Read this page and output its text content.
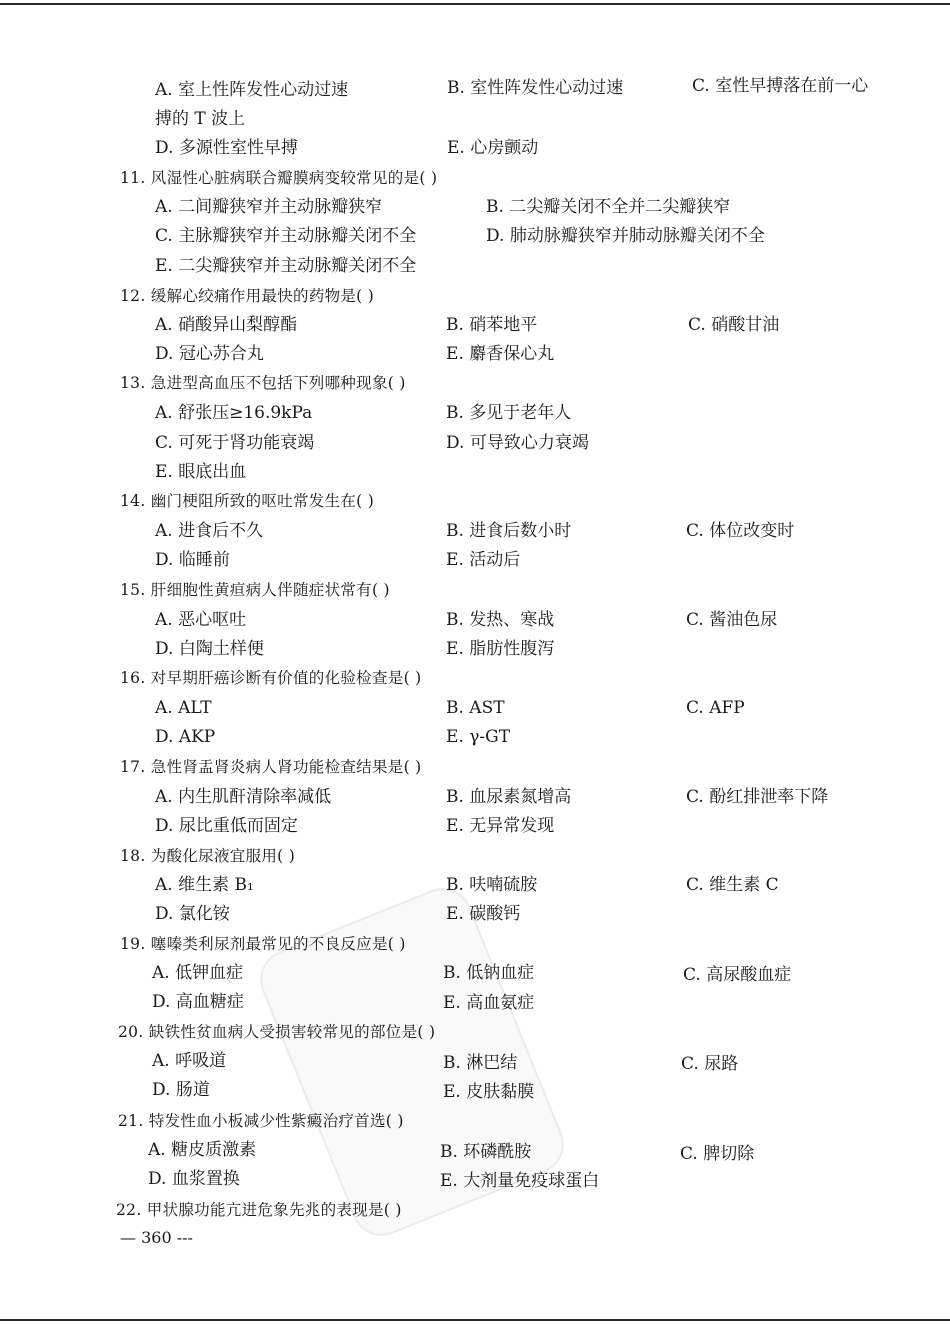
A. 室上性阵发性心动过速	B. 室性阵发性心动过速	C. 室性早搏落在前一心
搏的 T 波上
D. 多源性室性早搏	E. 心房颤动
11. 风湿性心脏病联合瓣膜病变较常见的是( )
A. 二间瓣狭窄并主动脉瓣狭窄	B. 二尖瓣关闭不全并二尖瓣狭窄
C. 主脉瓣狭窄并主动脉瓣关闭不全	D. 肺动脉瓣狭窄并肺动脉瓣关闭不全
E. 二尖瓣狭窄并主动脉瓣关闭不全
12. 缓解心绞痛作用最快的药物是( )
A. 硝酸异山梨醇酯	B. 硝苯地平	C. 硝酸甘油
D. 冠心苏合丸	E. 麝香保心丸
13. 急进型高血压不包括下列哪种现象( )
A. 舒张压≥16.9kPa	B. 多见于老年人
C. 可死于肾功能衰竭	D. 可导致心力衰竭
E. 眼底出血
14. 幽门梗阻所致的呕吐常发生在( )
A. 进食后不久	B. 进食后数小时	C. 体位改变时
D. 临睡前	E. 活动后
15. 肝细胞性黄疸病人伴随症状常有( )
A. 恶心呕吐	B. 发热、寒战	C. 酱油色尿
D. 白陶土样便	E. 脂肪性腹泻
16. 对早期肝癌诊断有价值的化验检查是( )
A. ALT	B. AST	C. AFP
D. AKP	E. γ-GT
17. 急性肾盂肾炎病人肾功能检查结果是( )
A. 内生肌酐清除率减低	B. 血尿素氮增高	C. 酚红排泄率下降
D. 尿比重低而固定	E. 无异常发现
18. 为酸化尿液宜服用( )
A. 维生素 B₁	B. 呋喃硫胺	C. 维生素 C
D. 氯化铵	E. 碳酸钙
19. 噻嗪类利尿剂最常见的不良反应是( )
A. 低钾血症	B. 低钠血症	C. 高尿酸血症
D. 高血糖症	E. 高血氨症
20. 缺铁性贫血病人受损害较常见的部位是( )
A. 呼吸道	B. 淋巴结	C. 尿路
D. 肠道	E. 皮肤黏膜
21. 特发性血小板减少性紫癜治疗首选( )
A. 糖皮质激素	B. 环磷酰胺	C. 脾切除
D. 血浆置换	E. 大剂量免疫球蛋白
22. 甲状腺功能亢进危象先兆的表现是( )
— 360 ---
